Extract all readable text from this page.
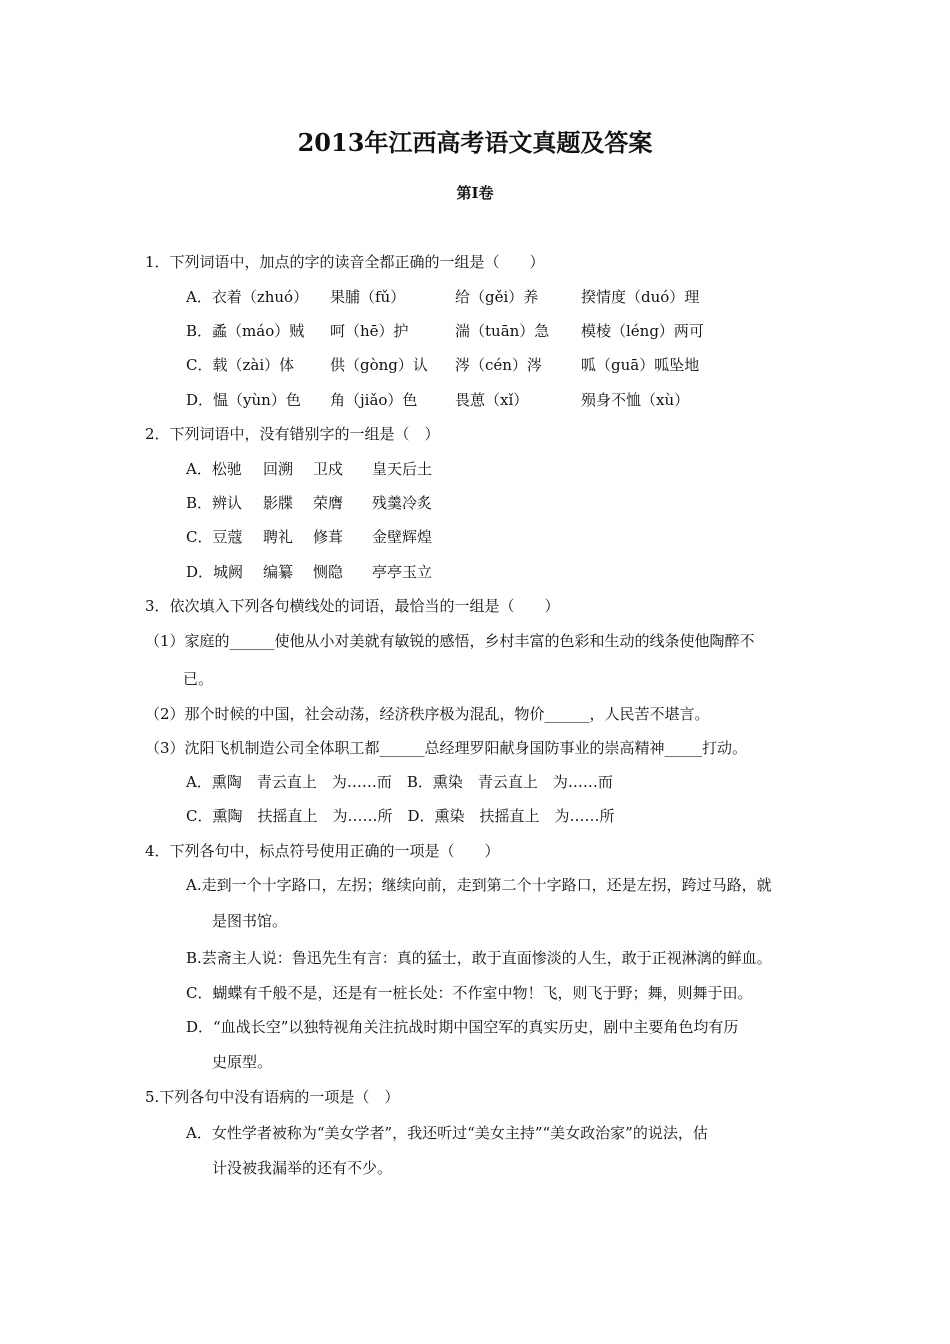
2013年江西高考语文真题及答案
第Ⅰ卷
1．下列词语中，加点的字的读音全都正确的一组是（　　）
A．衣着（zhuó） 果脯（fǔ）	给（gěi）养	揆情度（duó）理
B．蟊（máo）贼 呵（hē）护	湍（tuān）急 模棱（léng）两可
C．载（zài）体 供（gòng）认 涔（cén）涔	呱（guā）呱坠地
D．愠（yùn）色 角（jiǎo）色	畏葸（xǐ）	殒身不恤（xù）
2．下列词语中，没有错别字的一组是（　）
A．松驰 回溯 卫戍 皇天后土
B．辨认 影牒 荣膺 残羹冷炙
C．豆蔻 聘礼 修葺 金壁辉煌
D．城阙 编纂 恻隐 亭亭玉立
3．依次填入下列各句横线处的词语，最恰当的一组是（　　）
（1）家庭的______使他从小对美就有敏锐的感悟，乡村丰富的色彩和生动的线条使他陶醉不
已。
（2）那个时候的中国，社会动荡，经济秩序极为混乱，物价______，人民苦不堪言。
（3）沈阳飞机制造公司全体职工都______总经理罗阳献身国防事业的崇高精神_____打动。
A．熏陶　青云直上　为……而　B．熏染　青云直上　为……而
C．熏陶　扶摇直上　为……所　D．熏染　扶摇直上　为……所
4．下列各句中，标点符号使用正确的一项是（　　）
A.走到一个十字路口，左拐；继续向前，走到第二个十字路口，还是左拐，跨过马路，就
是图书馆。
B.芸斋主人说：鲁迅先生有言：真的猛士，敢于直面惨淡的人生，敢于正视淋漓的鲜血。
C．蝴蝶有千般不是，还是有一桩长处：不作室中物！飞，则飞于野；舞，则舞于田。
D．“血战长空”以独特视角关注抗战时期中国空军的真实历史，剧中主要角色均有历
史原型。
5.下列各句中没有语病的一项是（　）
A．女性学者被称为“美女学者”，我还听过“美女主持”“美女政治家”的说法，估
计没被我漏举的还有不少。
